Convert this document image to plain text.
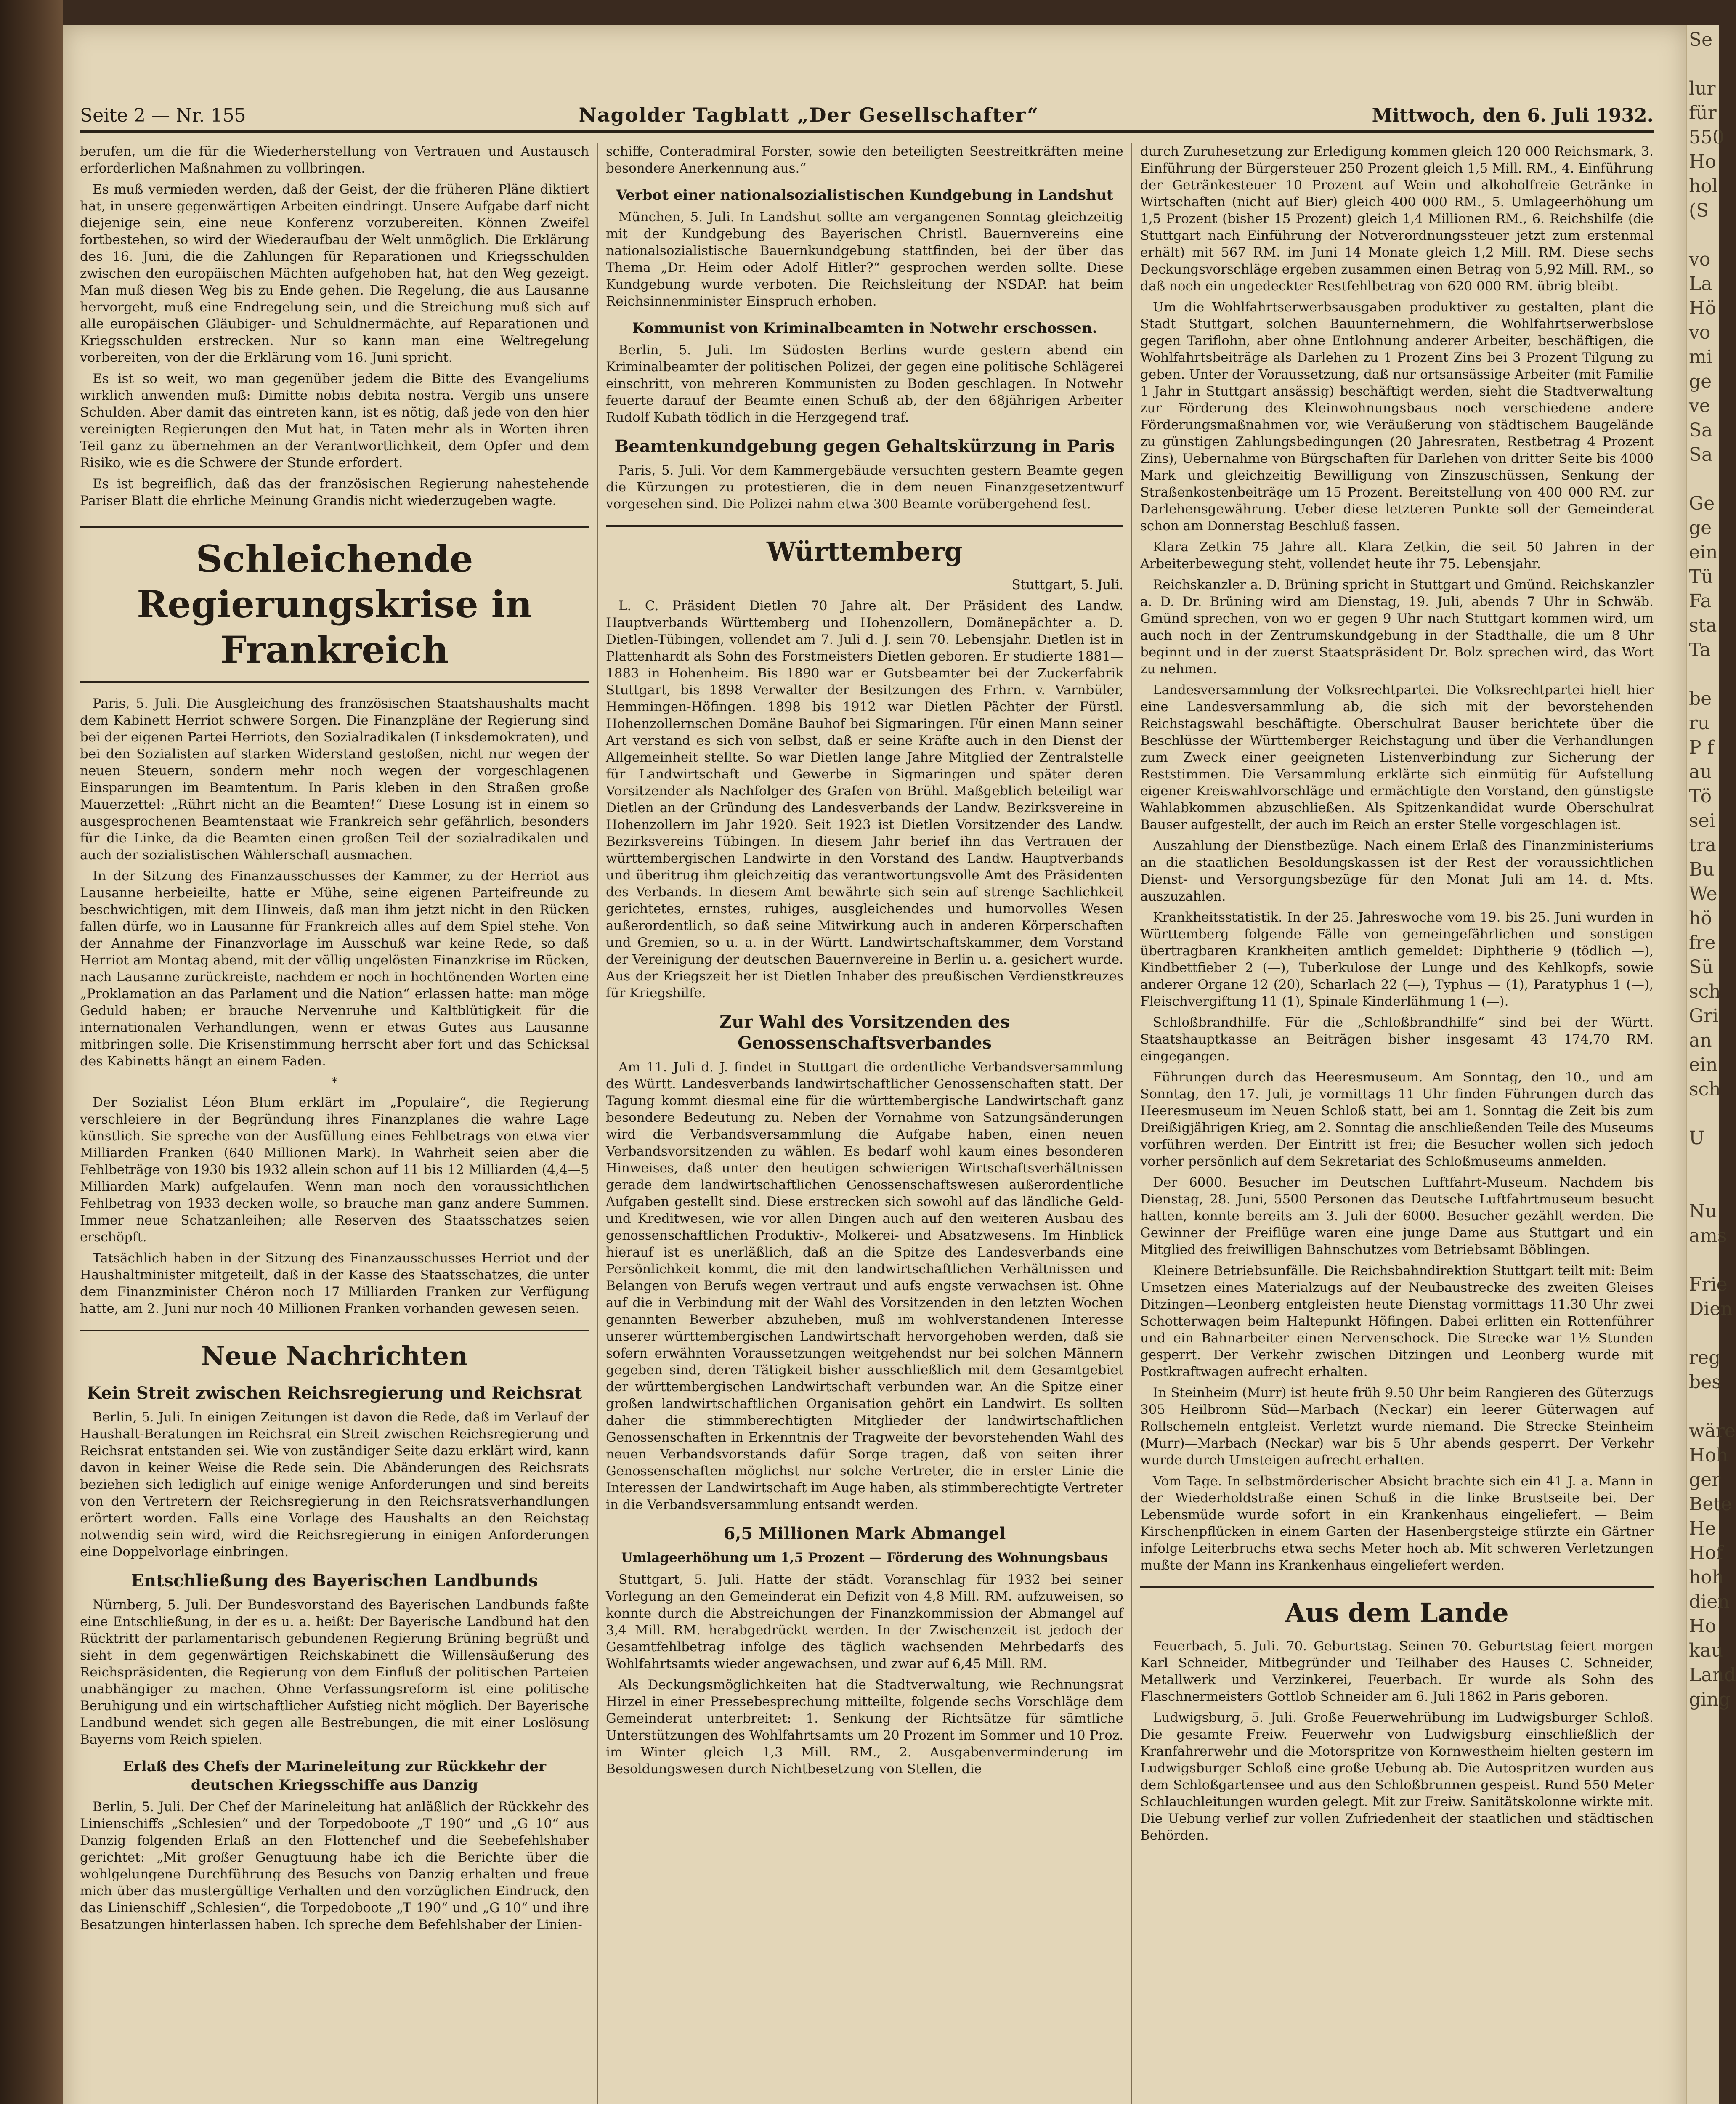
Seite 2 — Nr. 155	Nagolder Tagblatt „Der Gesellschafter“	Mittwoch, den 6. Juli 1932.

berufen, um die für die Wiederherstellung von Vertrauen und Austausch erforderlichen Maßnahmen zu vollbringen.

Es muß vermieden werden, daß der Geist, der die früheren Pläne diktiert hat, in unsere gegenwärtigen Arbeiten eindringt. Unsere Aufgabe darf nicht diejenige sein, eine neue Konferenz vorzubereiten. Können Zweifel fortbestehen, so wird der Wiederaufbau der Welt unmöglich. Die Erklärung des 16. Juni, die die Zahlungen für Reparationen und Kriegsschulden zwischen den europäischen Mächten aufgehoben hat, hat den Weg gezeigt. Man muß diesen Weg bis zu Ende gehen. Die Regelung, die aus Lausanne hervorgeht, muß eine Endregelung sein, und die Streichung muß sich auf alle europäischen Gläubiger- und Schuldnermächte, auf Reparationen und Kriegsschulden erstrecken. Nur so kann man eine Weltregelung vorbereiten, von der die Erklärung vom 16. Juni spricht.

Es ist so weit, wo man gegenüber jedem die Bitte des Evangeliums wirklich anwenden muß: Dimitte nobis debita nostra. Vergib uns unsere Schulden. Aber damit das eintreten kann, ist es nötig, daß jede von den hier vereinigten Regierungen den Mut hat, in Taten mehr als in Worten ihren Teil ganz zu übernehmen an der Verantwortlichkeit, dem Opfer und dem Risiko, wie es die Schwere der Stunde erfordert.

Es ist begreiflich, daß das der französischen Regierung nahestehende Pariser Blatt die ehrliche Meinung Grandis nicht wiederzugeben wagte.

Schleichende Regierungskrise in Frankreich

Paris, 5. Juli. Die Ausgleichung des französischen Staatshaushalts macht dem Kabinett Herriot schwere Sorgen. Die Finanzpläne der Regierung sind bei der eigenen Partei Herriots, den Sozialradikalen (Linksdemokraten), und bei den Sozialisten auf starken Widerstand gestoßen, nicht nur wegen der neuen Steuern, sondern mehr noch wegen der vorgeschlagenen Einsparungen im Beamtentum. In Paris kleben in den Straßen große Mauerzettel: „Rührt nicht an die Beamten!“ Diese Losung ist in einem so ausgesprochenen Beamtenstaat wie Frankreich sehr gefährlich, besonders für die Linke, da die Beamten einen großen Teil der sozialradikalen und auch der sozialistischen Wählerschaft ausmachen.

In der Sitzung des Finanzausschusses der Kammer, zu der Herriot aus Lausanne herbeieilte, hatte er Mühe, seine eigenen Parteifreunde zu beschwichtigen, mit dem Hinweis, daß man ihm jetzt nicht in den Rücken fallen dürfe, wo in Lausanne für Frankreich alles auf dem Spiel stehe. Von der Annahme der Finanzvorlage im Ausschuß war keine Rede, so daß Herriot am Montag abend, mit der völlig ungelösten Finanzkrise im Rücken, nach Lausanne zurückreiste, nachdem er noch in hochtönenden Worten eine „Proklamation an das Parlament und die Nation“ erlassen hatte: man möge Geduld haben; er brauche Nervenruhe und Kaltblütigkeit für die internationalen Verhandlungen, wenn er etwas Gutes aus Lausanne mitbringen solle. Die Krisenstimmung herrscht aber fort und das Schicksal des Kabinetts hängt an einem Faden.

*

Der Sozialist Léon Blum erklärt im „Populaire“, die Regierung verschleiere in der Begründung ihres Finanzplanes die wahre Lage künstlich. Sie spreche von der Ausfüllung eines Fehlbetrags von etwa vier Milliarden Franken (640 Millionen Mark). In Wahrheit seien aber die Fehlbeträge von 1930 bis 1932 allein schon auf 11 bis 12 Milliarden (4,4—5 Milliarden Mark) aufgelaufen. Wenn man noch den voraussichtlichen Fehlbetrag von 1933 decken wolle, so brauche man ganz andere Summen. Immer neue Schatzanleihen; alle Reserven des Staatsschatzes seien erschöpft.

Tatsächlich haben in der Sitzung des Finanzausschusses Herriot und der Haushaltminister mitgeteilt, daß in der Kasse des Staatsschatzes, die unter dem Finanzminister Chéron noch 17 Milliarden Franken zur Verfügung hatte, am 2. Juni nur noch 40 Millionen Franken vorhanden gewesen seien.

Neue Nachrichten
Kein Streit zwischen Reichsregierung und Reichsrat

Berlin, 5. Juli. In einigen Zeitungen ist davon die Rede, daß im Verlauf der Haushalt-Beratungen im Reichsrat ein Streit zwischen Reichsregierung und Reichsrat entstanden sei. Wie von zuständiger Seite dazu erklärt wird, kann davon in keiner Weise die Rede sein. Die Abänderungen des Reichsrats beziehen sich lediglich auf einige wenige Anforderungen und sind bereits von den Vertretern der Reichsregierung in den Reichsratsverhandlungen erörtert worden. Falls eine Vorlage des Haushalts an den Reichstag notwendig sein wird, wird die Reichsregierung in einigen Anforderungen eine Doppelvorlage einbringen.

Entschließung des Bayerischen Landbunds

Nürnberg, 5. Juli. Der Bundesvorstand des Bayerischen Landbunds faßte eine Entschließung, in der es u. a. heißt: Der Bayerische Landbund hat den Rücktritt der parlamentarisch gebundenen Regierung Brüning begrüßt und sieht in dem gegenwärtigen Reichskabinett die Willensäußerung des Reichspräsidenten, die Regierung von dem Einfluß der politischen Parteien unabhängiger zu machen. Ohne Verfassungsreform ist eine politische Beruhigung und ein wirtschaftlicher Aufstieg nicht möglich. Der Bayerische Landbund wendet sich gegen alle Bestrebungen, die mit einer Loslösung Bayerns vom Reich spielen.

Erlaß des Chefs der Marineleitung zur Rückkehr der deutschen Kriegsschiffe aus Danzig

Berlin, 5. Juli. Der Chef der Marineleitung hat anläßlich der Rückkehr des Linienschiffs „Schlesien“ und der Torpedoboote „T 190“ und „G 10“ aus Danzig folgenden Erlaß an den Flottenchef und die Seebefehlshaber gerichtet: „Mit großer Genugtuung habe ich die Berichte über die wohlgelungene Durchführung des Besuchs von Danzig erhalten und freue mich über das mustergültige Verhalten und den vorzüglichen Eindruck, den das Linienschiff „Schlesien“, die Torpedoboote „T 190“ und „G 10“ und ihre Besatzungen hinterlassen haben. Ich spreche dem Befehlshaber der Linien-

schiffe, Conteradmiral Forster, sowie den beteiligten Seestreitkräften meine besondere Anerkennung aus.“

Verbot einer nationalsozialistischen Kundgebung in Landshut

München, 5. Juli. In Landshut sollte am vergangenen Sonntag gleichzeitig mit der Kundgebung des Bayerischen Christl. Bauernvereins eine nationalsozialistische Bauernkundgebung stattfinden, bei der über das Thema „Dr. Heim oder Adolf Hitler?“ gesprochen werden sollte. Diese Kundgebung wurde verboten. Die Reichsleitung der NSDAP. hat beim Reichsinnenminister Einspruch erhoben.

Kommunist von Kriminalbeamten in Notwehr erschossen.

Berlin, 5. Juli. Im Südosten Berlins wurde gestern abend ein Kriminalbeamter der politischen Polizei, der gegen eine politische Schlägerei einschritt, von mehreren Kommunisten zu Boden geschlagen. In Notwehr feuerte darauf der Beamte einen Schuß ab, der den 68jährigen Arbeiter Rudolf Kubath tödlich in die Herzgegend traf.

Beamtenkundgebung gegen Gehaltskürzung in Paris

Paris, 5. Juli. Vor dem Kammergebäude versuchten gestern Beamte gegen die Kürzungen zu protestieren, die in dem neuen Finanzgesetzentwurf vorgesehen sind. Die Polizei nahm etwa 300 Beamte vorübergehend fest.

Württemberg

Stuttgart, 5. Juli.

L. C. Präsident Dietlen 70 Jahre alt. Der Präsident des Landw. Hauptverbands Württemberg und Hohenzollern, Domänepächter a. D. Dietlen-Tübingen, vollendet am 7. Juli d. J. sein 70. Lebensjahr. Dietlen ist in Plattenhardt als Sohn des Forstmeisters Dietlen geboren. Er studierte 1881—1883 in Hohenheim. Bis 1890 war er Gutsbeamter bei der Zuckerfabrik Stuttgart, bis 1898 Verwalter der Besitzungen des Frhrn. v. Varnbüler, Hemmingen-Höfingen. 1898 bis 1912 war Dietlen Pächter der Fürstl. Hohenzollernschen Domäne Bauhof bei Sigmaringen. Für einen Mann seiner Art verstand es sich von selbst, daß er seine Kräfte auch in den Dienst der Allgemeinheit stellte. So war Dietlen lange Jahre Mitglied der Zentralstelle für Landwirtschaft und Gewerbe in Sigmaringen und später deren Vorsitzender als Nachfolger des Grafen von Brühl. Maßgeblich beteiligt war Dietlen an der Gründung des Landesverbands der Landw. Bezirksvereine in Hohenzollern im Jahr 1920. Seit 1923 ist Dietlen Vorsitzender des Landw. Bezirksvereins Tübingen. In diesem Jahr berief ihn das Vertrauen der württembergischen Landwirte in den Vorstand des Landw. Hauptverbands und überitrug ihm gleichzeitig das verantwortungsvolle Amt des Präsidenten des Verbands. In diesem Amt bewährte sich sein auf strenge Sachlichkeit gerichtetes, ernstes, ruhiges, ausgleichendes und humorvolles Wesen außerordentlich, so daß seine Mitwirkung auch in anderen Körperschaften und Gremien, so u. a. in der Württ. Landwirtschaftskammer, dem Vorstand der Vereinigung der deutschen Bauernvereine in Berlin u. a. gesichert wurde. Aus der Kriegszeit her ist Dietlen Inhaber des preußischen Verdienstkreuzes für Kriegshilfe.

Zur Wahl des Vorsitzenden des Genossenschaftsverbandes

Am 11. Juli d. J. findet in Stuttgart die ordentliche Verbandsversammlung des Württ. Landesverbands landwirtschaftlicher Genossenschaften statt. Der Tagung kommt diesmal eine für die württembergische Landwirtschaft ganz besondere Bedeutung zu. Neben der Vornahme von Satzungsänderungen wird die Verbandsversammlung die Aufgabe haben, einen neuen Verbandsvorsitzenden zu wählen. Es bedarf wohl kaum eines besonderen Hinweises, daß unter den heutigen schwierigen Wirtschaftsverhältnissen gerade dem landwirtschaftlichen Genossenschaftswesen außerordentliche Aufgaben gestellt sind. Diese erstrecken sich sowohl auf das ländliche Geld- und Kreditwesen, wie vor allen Dingen auch auf den weiteren Ausbau des genossenschaftlichen Produktiv-, Molkerei- und Absatzwesens. Im Hinblick hierauf ist es unerläßlich, daß an die Spitze des Landesverbands eine Persönlichkeit kommt, die mit den landwirtschaftlichen Verhältnissen und Belangen von Berufs wegen vertraut und aufs engste verwachsen ist. Ohne auf die in Verbindung mit der Wahl des Vorsitzenden in den letzten Wochen genannten Bewerber abzuheben, muß im wohlverstandenen Interesse unserer württembergischen Landwirtschaft hervorgehoben werden, daß sie sofern erwähnten Voraussetzungen weitgehendst nur bei solchen Männern gegeben sind, deren Tätigkeit bisher ausschließlich mit dem Gesamtgebiet der württembergischen Landwirtschaft verbunden war. An die Spitze einer großen landwirtschaftlichen Organisation gehört ein Landwirt. Es sollten daher die stimmberechtigten Mitglieder der landwirtschaftlichen Genossenschaften in Erkenntnis der Tragweite der bevorstehenden Wahl des neuen Verbandsvorstands dafür Sorge tragen, daß von seiten ihrer Genossenschaften möglichst nur solche Vertreter, die in erster Linie die Interessen der Landwirtschaft im Auge haben, als stimmberechtigte Vertreter in die Verbandsversammlung entsandt werden.

6,5 Millionen Mark Abmangel
Umlageerhöhung um 1,5 Prozent — Förderung des Wohnungsbaus

Stuttgart, 5. Juli. Hatte der städt. Voranschlag für 1932 bei seiner Vorlegung an den Gemeinderat ein Defizit von 4,8 Mill. RM. aufzuweisen, so konnte durch die Abstreichungen der Finanzkommission der Abmangel auf 3,4 Mill. RM. herabgedrückt werden. In der Zwischenzeit ist jedoch der Gesamtfehlbetrag infolge des täglich wachsenden Mehrbedarfs des Wohlfahrtsamts wieder angewachsen, und zwar auf 6,45 Mill. RM.

Als Deckungsmöglichkeiten hat die Stadtverwaltung, wie Rechnungsrat Hirzel in einer Pressebesprechung mitteilte, folgende sechs Vorschläge dem Gemeinderat unterbreitet: 1. Senkung der Richtsätze für sämtliche Unterstützungen des Wohlfahrtsamts um 20 Prozent im Sommer und 10 Proz. im Winter gleich 1,3 Mill. RM., 2. Ausgabenverminderung im Besoldungswesen durch Nichtbesetzung von Stellen, die

durch Zuruhesetzung zur Erledigung kommen gleich 120 000 Reichsmark, 3. Einführung der Bürgersteuer 250 Prozent gleich 1,5 Mill. RM., 4. Einführung der Getränkesteuer 10 Prozent auf Wein und alkoholfreie Getränke in Wirtschaften (nicht auf Bier) gleich 400 000 RM., 5. Umlageerhöhung um 1,5 Prozent (bisher 15 Prozent) gleich 1,4 Millionen RM., 6. Reichshilfe (die Stuttgart nach Einführung der Notverordnungssteuer jetzt zum erstenmal erhält) mit 567 RM. im Juni 14 Monate gleich 1,2 Mill. RM. Diese sechs Deckungsvorschläge ergeben zusammen einen Betrag von 5,92 Mill. RM., so daß noch ein ungedeckter Restfehlbetrag von 620 000 RM. übrig bleibt.

Um die Wohlfahrtserwerbsausgaben produktiver zu gestalten, plant die Stadt Stuttgart, solchen Bauunternehmern, die Wohlfahrtserwerbslose gegen Tariflohn, aber ohne Entlohnung anderer Arbeiter, beschäftigen, die Wohlfahrtsbeiträge als Darlehen zu 1 Prozent Zins bei 3 Prozent Tilgung zu geben. Unter der Voraussetzung, daß nur ortsansässige Arbeiter (mit Familie 1 Jahr in Stuttgart ansässig) beschäftigt werden, sieht die Stadtverwaltung zur Förderung des Kleinwohnungsbaus noch verschiedene andere Förderungsmaßnahmen vor, wie Veräußerung von städtischem Baugelände zu günstigen Zahlungsbedingungen (20 Jahresraten, Restbetrag 4 Prozent Zins), Uebernahme von Bürgschaften für Darlehen von dritter Seite bis 4000 Mark und gleichzeitig Bewilligung von Zinszuschüssen, Senkung der Straßenkostenbeiträge um 15 Prozent. Bereitstellung von 400 000 RM. zur Darlehensgewährung. Ueber diese letzteren Punkte soll der Gemeinderat schon am Donnerstag Beschluß fassen.

Klara Zetkin 75 Jahre alt. Klara Zetkin, die seit 50 Jahren in der Arbeiterbewegung steht, vollendet heute ihr 75. Lebensjahr.

Reichskanzler a. D. Brüning spricht in Stuttgart und Gmünd. Reichskanzler a. D. Dr. Brüning wird am Dienstag, 19. Juli, abends 7 Uhr in Schwäb. Gmünd sprechen, von wo er gegen 9 Uhr nach Stuttgart kommen wird, um auch noch in der Zentrumskundgebung in der Stadthalle, die um 8 Uhr beginnt und in der zuerst Staatspräsident Dr. Bolz sprechen wird, das Wort zu nehmen.

Landesversammlung der Volksrechtpartei. Die Volksrechtpartei hielt hier eine Landesversammlung ab, die sich mit der bevorstehenden Reichstagswahl beschäftigte. Oberschulrat Bauser berichtete über die Beschlüsse der Württemberger Reichstagung und über die Verhandlungen zum Zweck einer geeigneten Listenverbindung zur Sicherung der Reststimmen. Die Versammlung erklärte sich einmütig für Aufstellung eigener Kreiswahlvorschläge und ermächtigte den Vorstand, den günstigste Wahlabkommen abzuschließen. Als Spitzenkandidat wurde Oberschulrat Bauser aufgestellt, der auch im Reich an erster Stelle vorgeschlagen ist.

Auszahlung der Dienstbezüge. Nach einem Erlaß des Finanzministeriums an die staatlichen Besoldungskassen ist der Rest der voraussichtlichen Dienst- und Versorgungsbezüge für den Monat Juli am 14. d. Mts. auszuzahlen.

Krankheitsstatistik. In der 25. Jahreswoche vom 19. bis 25. Juni wurden in Württemberg folgende Fälle von gemeingefährlichen und sonstigen übertragbaren Krankheiten amtlich gemeldet: Diphtherie 9 (tödlich —), Kindbettfieber 2 (—), Tuberkulose der Lunge und des Kehlkopfs, sowie anderer Organe 12 (20), Scharlach 22 (—), Typhus — (1), Paratyphus 1 (—), Fleischvergiftung 11 (1), Spinale Kinderlähmung 1 (—).

Schloßbrandhilfe. Für die „Schloßbrandhilfe“ sind bei der Württ. Staatshauptkasse an Beiträgen bisher insgesamt 43 174,70 RM. eingegangen.

Führungen durch das Heeresmuseum. Am Sonntag, den 10., und am Sonntag, den 17. Juli, je vormittags 11 Uhr finden Führungen durch das Heeresmuseum im Neuen Schloß statt, bei am 1. Sonntag die Zeit bis zum Dreißigjährigen Krieg, am 2. Sonntag die anschließenden Teile des Museums vorführen werden. Der Eintritt ist frei; die Besucher wollen sich jedoch vorher persönlich auf dem Sekretariat des Schloßmuseums anmelden.

Der 6000. Besucher im Deutschen Luftfahrt-Museum. Nachdem bis Dienstag, 28. Juni, 5500 Personen das Deutsche Luftfahrtmuseum besucht hatten, konnte bereits am 3. Juli der 6000. Besucher gezählt werden. Die Gewinner der Freiflüge waren eine junge Dame aus Stuttgart und ein Mitglied des freiwilligen Bahnschutzes vom Betriebsamt Böblingen.

Kleinere Betriebsunfälle. Die Reichsbahndirektion Stuttgart teilt mit: Beim Umsetzen eines Materialzugs auf der Neubaustrecke des zweiten Gleises Ditzingen—Leonberg entgleisten heute Dienstag vormittags 11.30 Uhr zwei Schotterwagen beim Haltepunkt Höfingen. Dabei erlitten ein Rottenführer und ein Bahnarbeiter einen Nervenschock. Die Strecke war 1½ Stunden gesperrt. Der Verkehr zwischen Ditzingen und Leonberg wurde mit Postkraftwagen aufrecht erhalten.

In Steinheim (Murr) ist heute früh 9.50 Uhr beim Rangieren des Güterzugs 305 Heilbronn Süd—Marbach (Neckar) ein leerer Güterwagen auf Rollschemeln entgleist. Verletzt wurde niemand. Die Strecke Steinheim (Murr)—Marbach (Neckar) war bis 5 Uhr abends gesperrt. Der Verkehr wurde durch Umsteigen aufrecht erhalten.

Vom Tage. In selbstmörderischer Absicht brachte sich ein 41 J. a. Mann in der Wiederholdstraße einen Schuß in die linke Brustseite bei. Der Lebensmüde wurde sofort in ein Krankenhaus eingeliefert. — Beim Kirschenpflücken in einem Garten der Hasenbergsteige stürzte ein Gärtner infolge Leiterbruchs etwa sechs Meter hoch ab. Mit schweren Verletzungen mußte der Mann ins Krankenhaus eingeliefert werden.

Aus dem Lande

Feuerbach, 5. Juli. 70. Geburtstag. Seinen 70. Geburtstag feiert morgen Karl Schneider, Mitbegründer und Teilhaber des Hauses C. Schneider, Metallwerk und Verzinkerei, Feuerbach. Er wurde als Sohn des Flaschnermeisters Gottlob Schneider am 6. Juli 1862 in Paris geboren.

Ludwigsburg, 5. Juli. Große Feuerwehrübung im Ludwigsburger Schloß. Die gesamte Freiw. Feuerwehr von Ludwigsburg einschließlich der Kranfahrerwehr und die Motorspritze von Kornwestheim hielten gestern im Ludwigsburger Schloß eine große Uebung ab. Die Autospritzen wurden aus dem Schloßgartensee und aus den Schloßbrunnen gespeist. Rund 550 Meter Schlauchleitungen wurden gelegt. Mit zur Freiw. Sanitätskolonne wirkte mit. Die Uebung verlief zur vollen Zufriedenheit der staatlichen und städtischen Behörden.

Se

lur
für
550
Ho
hol
(S

vo
La
Hö
vo
mi
ge
ve
Sa
Sa

Ge
ge
ein
Tü
Fa
sta
Ta

be
ru
P f
au
Tö
sei
tra
Bu
We
hö
fre
Sü
sch
Gri
an
ein
sch

U

Nu
ams

Frie
Dien

reg
bes

wäre
Hoh
ger
Bete
He
Hof
hoh
dien
Ho
kau
Land
ging
